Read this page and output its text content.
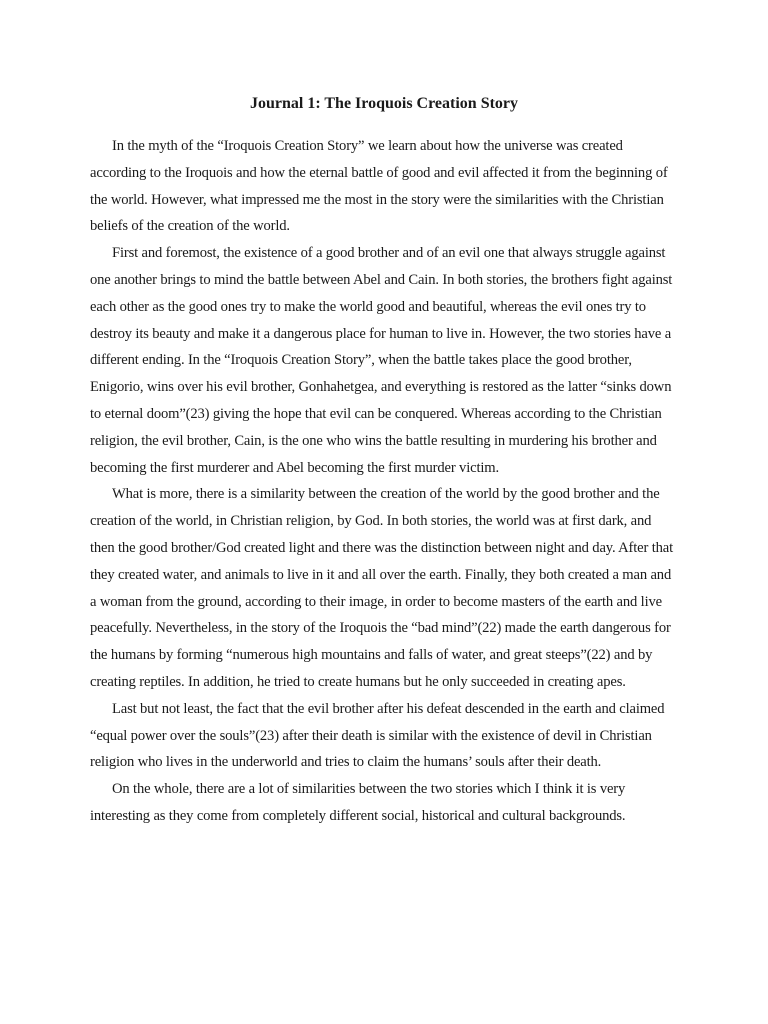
Journal 1: The Iroquois Creation Story

In the myth of the “Iroquois Creation Story” we learn about how the universe was created according to the Iroquois and how the eternal battle of good and evil affected it from the beginning of the world. However, what impressed me the most in the story were the similarities with the Christian beliefs of the creation of the world.

First and foremost, the existence of a good brother and of an evil one that always struggle against one another brings to mind the battle between Abel and Cain. In both stories, the brothers fight against each other as the good ones try to make the world good and beautiful, whereas the evil ones try to destroy its beauty and make it a dangerous place for human to live in. However, the two stories have a different ending. In the “Iroquois Creation Story”, when the battle takes place the good brother, Enigorio, wins over his evil brother, Gonhahetgea, and everything is restored as the latter “sinks down to eternal doom”(23) giving the hope that evil can be conquered. Whereas according to the Christian religion, the evil brother, Cain, is the one who wins the battle resulting in murdering his brother and becoming the first murderer and Abel becoming the first murder victim.

What is more, there is a similarity between the creation of the world by the good brother and the creation of the world, in Christian religion, by God. In both stories, the world was at first dark, and then the good brother/God created light and there was the distinction between night and day. After that they created water, and animals to live in it and all over the earth. Finally, they both created a man and a woman from the ground, according to their image, in order to become masters of the earth and live peacefully. Nevertheless, in the story of the Iroquois the “bad mind”(22) made the earth dangerous for the humans by forming “numerous high mountains and falls of water, and great steeps”(22) and by creating reptiles. In addition, he tried to create humans but he only succeeded in creating apes.

Last but not least, the fact that the evil brother after his defeat descended in the earth and claimed “equal power over the souls”(23) after their death is similar with the existence of devil in Christian religion who lives in the underworld and tries to claim the humans’ souls after their death.

On the whole, there are a lot of similarities between the two stories which I think it is very interesting as they come from completely different social, historical and cultural backgrounds.
